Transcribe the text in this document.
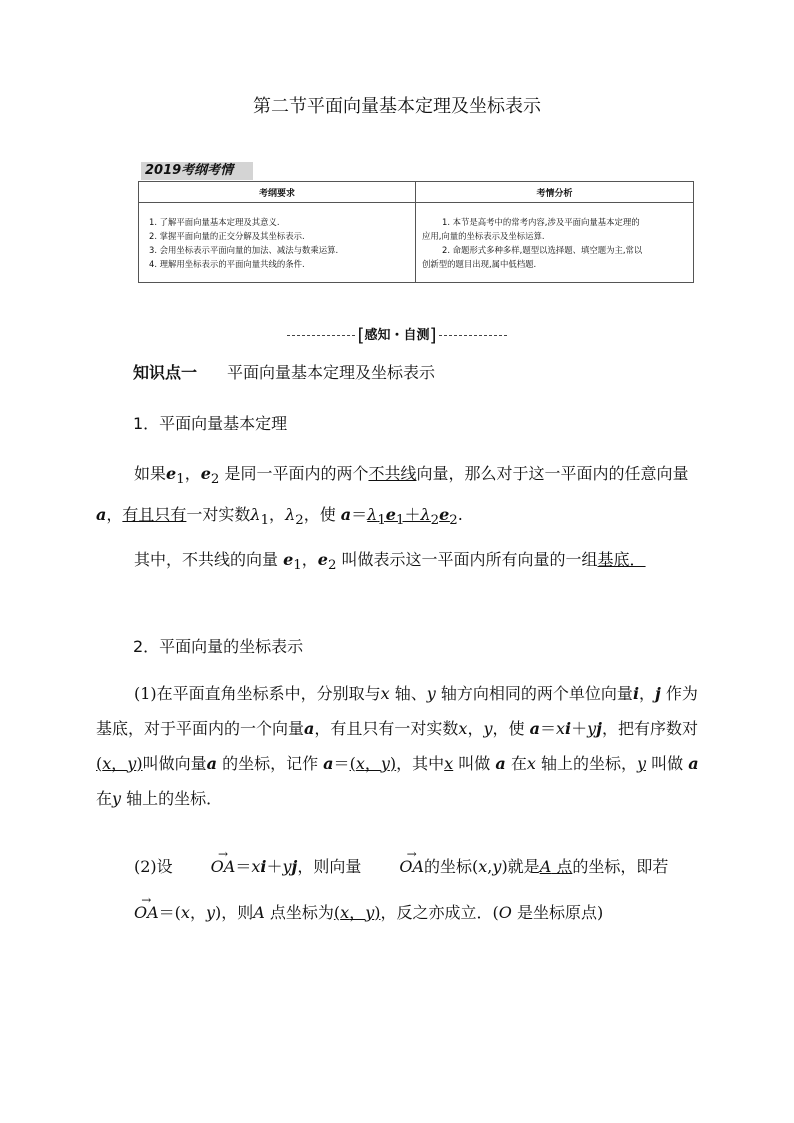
第二节平面向量基本定理及坐标表示
2019考纲考情
考纲要求	考情分析

1. 了解平面向量基本定理及其意义.
2. 掌握平面向量的正交分解及其坐标表示.
3. 会用坐标表示平面向量的加法、减法与数乘运算.
4. 理解用坐标表示的平面向量共线的条件.	1. 本节是高考中的常考内容,涉及平面向量基本定理的
应用,向量的坐标表示及坐标运算.
2. 命题形式多种多样,题型以选择题、填空题为主,常以
创新型的题目出现,属中低档题.
[感知・自测]
知识点一 平面向量基本定理及坐标表示
1．平面向量基本定理
如果$e_1$，$e_2$ 是同一平面内的两个不共线向量，那么对于这一平面内的任意向量a，有且只有一对实数$\lambda_1$，$\lambda_2$，使 $a=\lambda_1e_1+\lambda_2e_2$.
其中，不共线的向量 $e_1$，$e_2$ 叫做表示这一平面内所有向量的一组基底．
2．平面向量的坐标表示
(1)在平面直角坐标系中，分别取与x 轴、y 轴方向相同的两个单位向量i，j 作为基底，对于平面内的一个向量a，有且只有一对实数x，y，使 a＝xi＋yj，把有序数对(x，y)叫做向量a 的坐标，记作 a＝(x，y)，其中x 叫做 a 在x 轴上的坐标，y 叫做 a 在y 轴上的坐标．
(2)设 → OA＝xi＋yj，则向量 → OA的坐标(x,y)就是A 点的坐标，即若→ OA＝(x，y)，则A 点坐标为(x，y)，反之亦成立．(O 是坐标原点)
